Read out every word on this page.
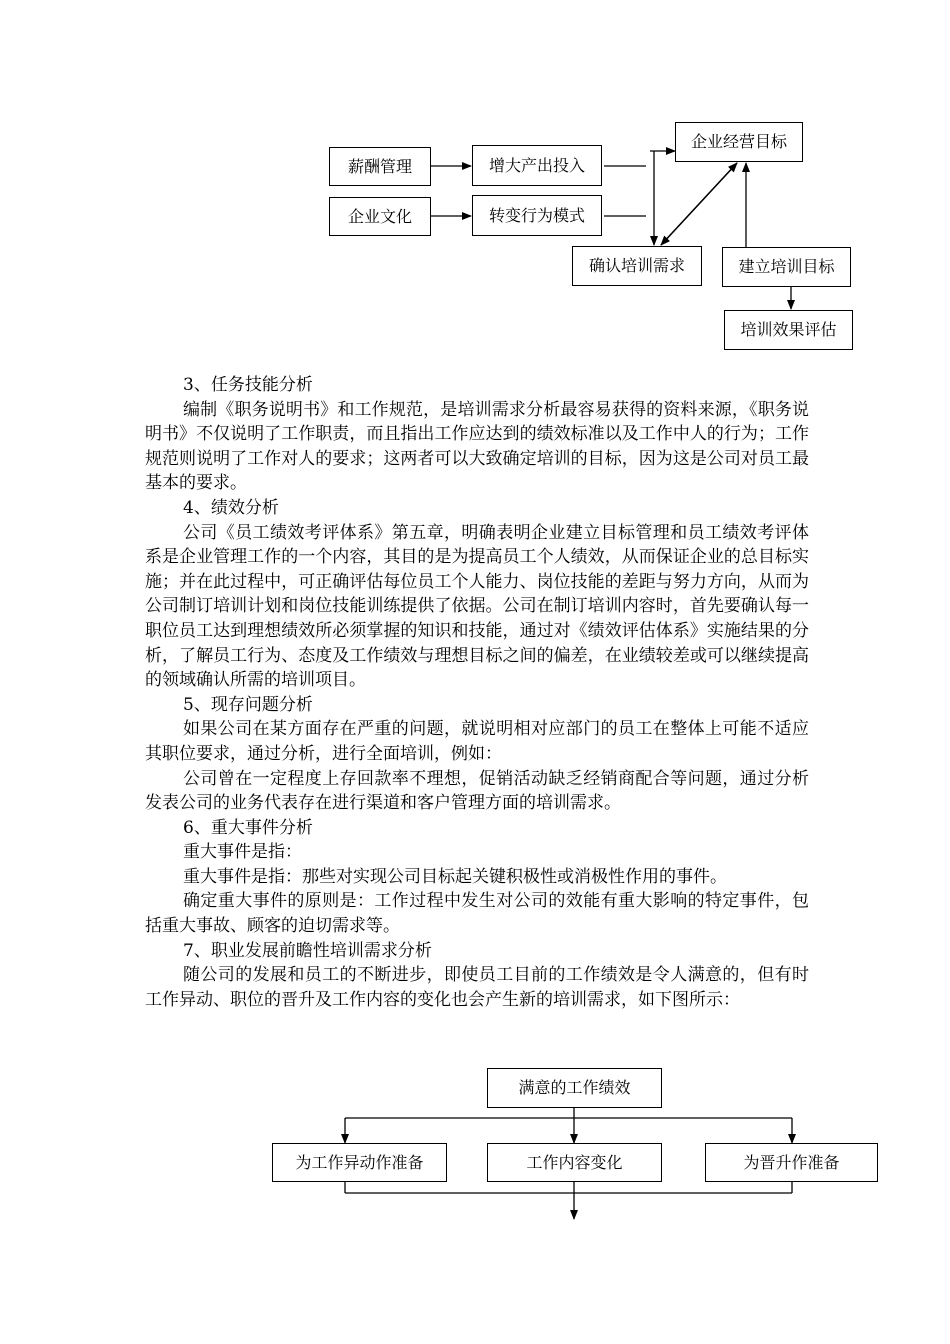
薪酬管理
企业文化
增大产出投入
转变行为模式
企业经营目标
确认培训需求	建立培训目标
培训效果评估

3、任务技能分析

编制《职务说明书》和工作规范，是培训需求分析最容易获得的资料来源，《职务说明书》不仅说明了工作职责，而且指出工作应达到的绩效标准以及工作中人的行为；工作规范则说明了工作对人的要求；这两者可以大致确定培训的目标，因为这是公司对员工最基本的要求。

4、绩效分析

公司《员工绩效考评体系》第五章，明确表明企业建立目标管理和员工绩效考评体系是企业管理工作的一个内容，其目的是为提高员工个人绩效，从而保证企业的总目标实施；并在此过程中，可正确评估每位员工个人能力、岗位技能的差距与努力方向，从而为公司制订培训计划和岗位技能训练提供了依据。公司在制订培训内容时，首先要确认每一职位员工达到理想绩效所必须掌握的知识和技能，通过对《绩效评估体系》实施结果的分析，了解员工行为、态度及工作绩效与理想目标之间的偏差，在业绩较差或可以继续提高的领域确认所需的培训项目。

5、现存问题分析

如果公司在某方面存在严重的问题，就说明相对应部门的员工在整体上可能不适应其职位要求，通过分析，进行全面培训，例如：

公司曾在一定程度上存回款率不理想，促销活动缺乏经销商配合等问题，通过分析发表公司的业务代表存在进行渠道和客户管理方面的培训需求。

6、重大事件分析

重大事件是指：

重大事件是指：那些对实现公司目标起关键积极性或消极性作用的事件。

确定重大事件的原则是：工作过程中发生对公司的效能有重大影响的特定事件，包括重大事故、顾客的迫切需求等。

7、职业发展前瞻性培训需求分析

随公司的发展和员工的不断进步，即使员工目前的工作绩效是令人满意的，但有时工作异动、职位的晋升及工作内容的变化也会产生新的培训需求，如下图所示：

满意的工作绩效
为工作异动作准备	工作内容变化	为晋升作准备
